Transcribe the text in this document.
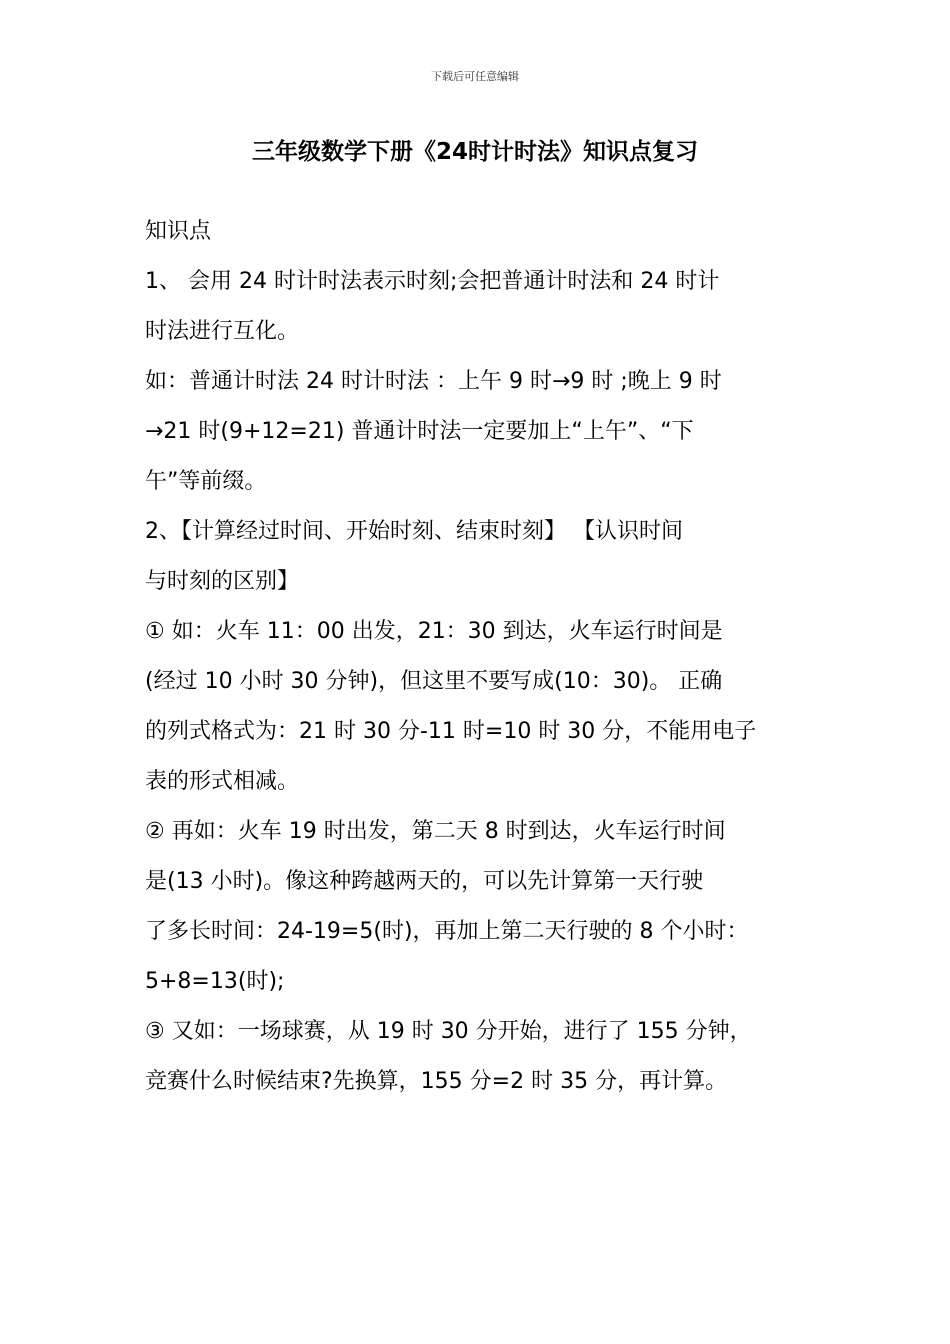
下载后可任意编辑
三年级数学下册《24时计时法》知识点复习
知识点
1、 会用 24 时计时法表示时刻;会把普通计时法和 24 时计
时法进行互化。
如：普通计时法 24 时计时法 ：上午 9 时→9 时 ;晚上 9 时
→21 时(9+12=21) 普通计时法一定要加上“上午”、“下
午”等前缀。
2、【计算经过时间、开始时刻、结束时刻】 【认识时间
与时刻的区别】
① 如：火车 11：00 出发，21：30 到达，火车运行时间是
(经过 10 小时 30 分钟)，但这里不要写成(10：30)。 正确
的列式格式为：21 时 30 分-11 时=10 时 30 分，不能用电子
表的形式相减。
② 再如：火车 19 时出发，第二天 8 时到达，火车运行时间
是(13 小时)。像这种跨越两天的，可以先计算第一天行驶
了多长时间：24-19=5(时)，再加上第二天行驶的 8 个小时：
5+8=13(时);
③ 又如：一场球赛，从 19 时 30 分开始，进行了 155 分钟，
竞赛什么时候结束?先换算，155 分=2 时 35 分，再计算。
